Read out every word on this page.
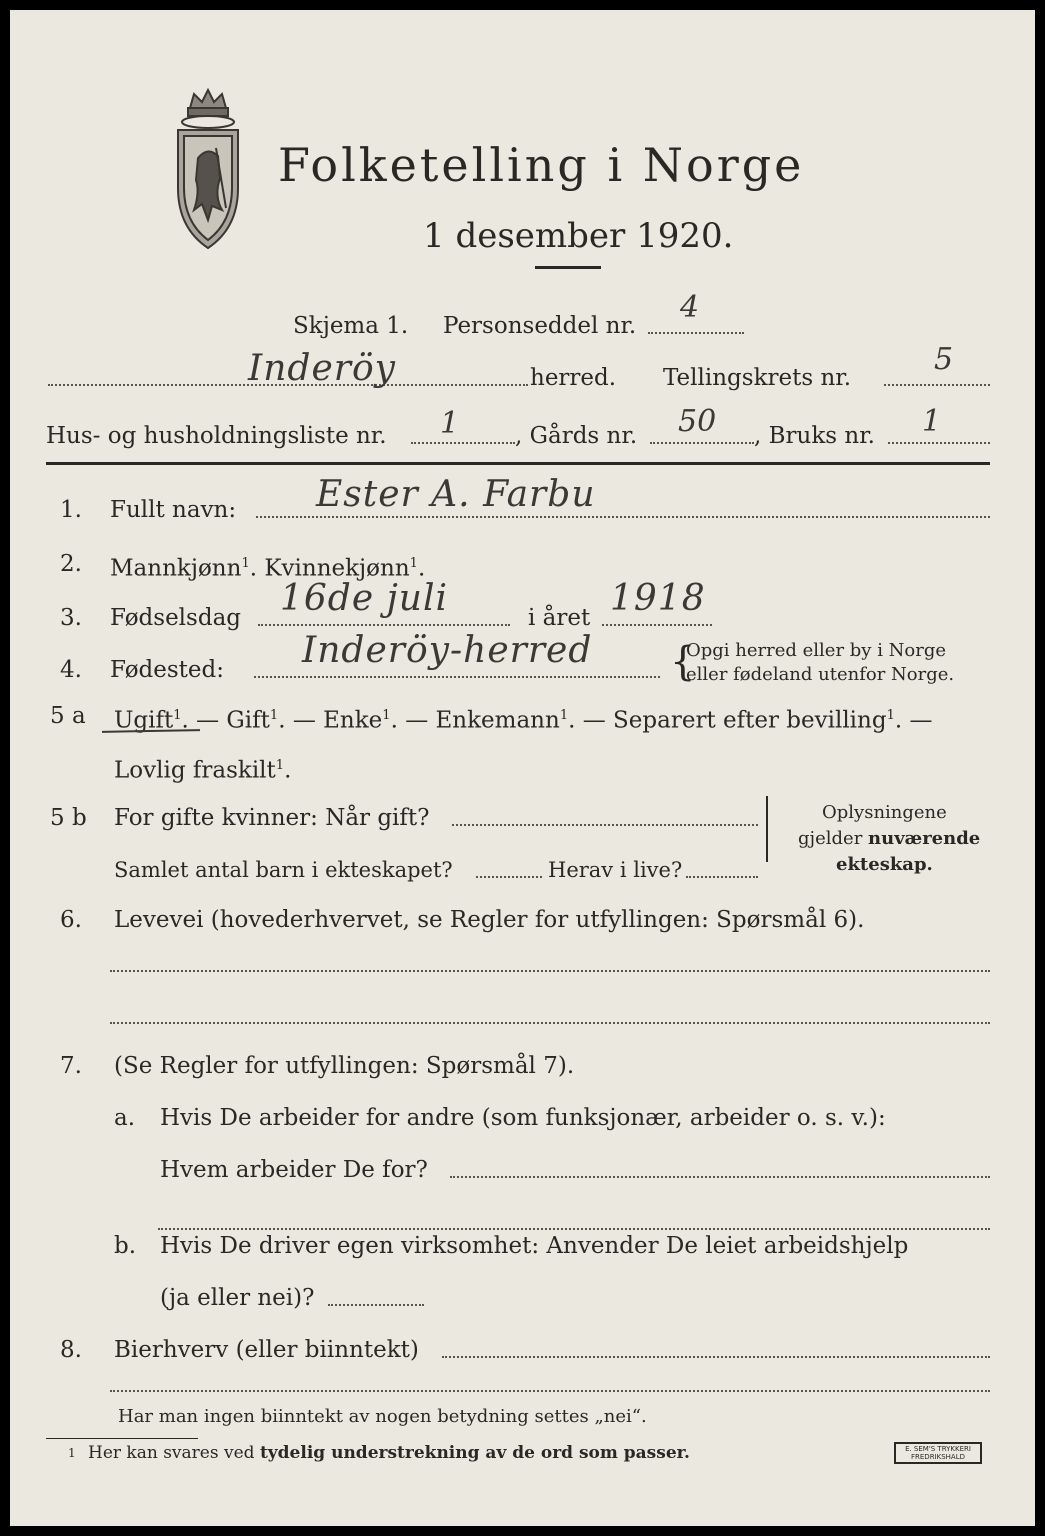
Folketelling i Norge
1 desember 1920.
Skjema 1. Personseddel nr.
4
Inderöy	herred. Tellingskrets nr.
5
Hus- og husholdningsliste nr. 1 , Gårds nr. 50 , Bruks nr. 1
1. Fullt navn: Ester A. Farbu
2. Mannkjønn$^1$. Kvinnekjønn$^1$.
3. Fødselsdag 16de juli	i året 1918
4. Fødested: Inderöy-herred {
Opgi herred eller by i Norge
eller fødeland utenfor Norge.
5 a Ugift$^1$. — Gift$^1$. — Enke$^1$. — Enkemann$^1$. — Separert efter bevilling$^1$. —
Lovlig fraskilt$^1$.
5 b For gifte kvinner: Når gift?
Samlet antal barn i ekteskapet?	Herav i live?
Oplysningene
gjelder nuværende
ekteskap.
6. Levevei (hovederhvervet, se Regler for utfyllingen: Spørsmål 6).
7. (Se Regler for utfyllingen: Spørsmål 7).
a. Hvis De arbeider for andre (som funksjonær, arbeider o. s. v.):
Hvem arbeider De for?
b. Hvis De driver egen virksomhet: Anvender De leiet arbeidshjelp
(ja eller nei)?
8. Bierhverv (eller biinntekt)
Har man ingen biinntekt av nogen betydning settes „nei“.
1 Her kan svares ved tydelig understrekning av de ord som passer.	E. SEM'S TRYKKERI
FREDRIKSHALD
